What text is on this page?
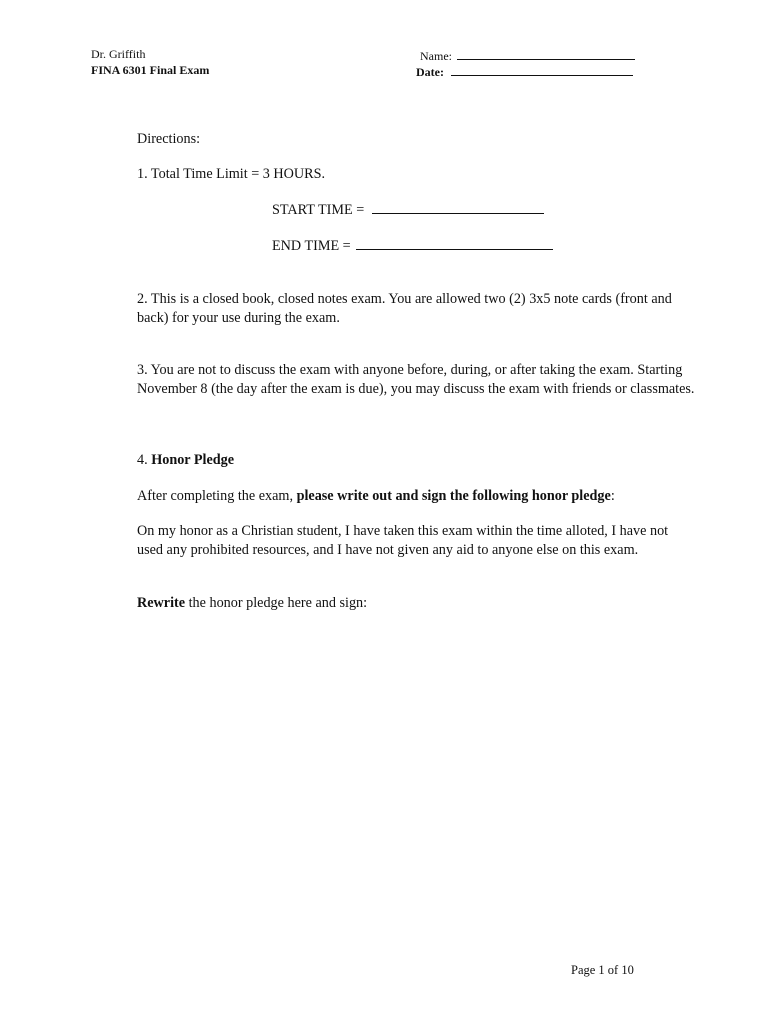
Dr. Griffith
FINA 6301 Final Exam
Name:
Date:
Directions:
1. Total Time Limit = 3 HOURS.
START TIME =
END TIME =
2. This is a closed book, closed notes exam. You are allowed two (2) 3x5 note cards (front and back) for your use during the exam.
3. You are not to discuss the exam with anyone before, during, or after taking the exam. Starting November 8 (the day after the exam is due), you may discuss the exam with friends or classmates.
4. Honor Pledge
After completing the exam, please write out and sign the following honor pledge:
On my honor as a Christian student, I have taken this exam within the time alloted, I have not used any prohibited resources, and I have not given any aid to anyone else on this exam.
Rewrite the honor pledge here and sign:
Page 1 of 10
